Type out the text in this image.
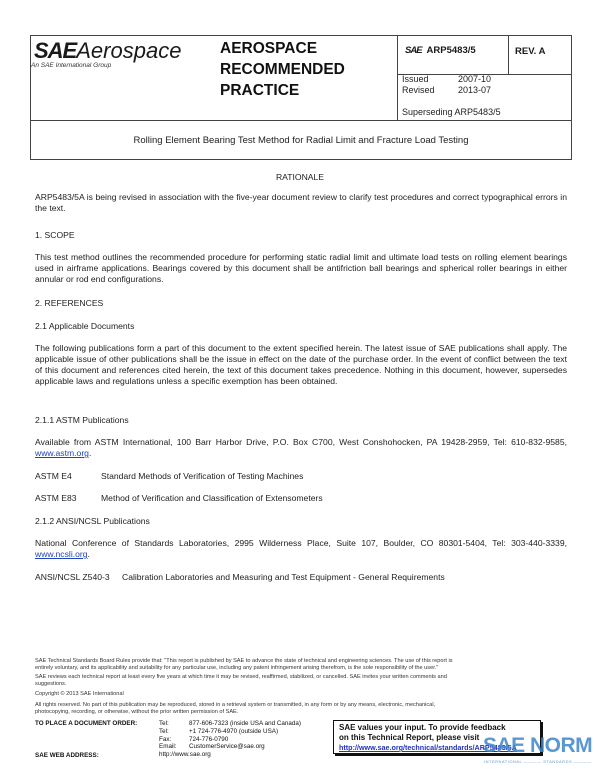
SAEAerospace
An SAE International Group
AEROSPACE
RECOMMENDED
PRACTICE
SAE ARP5483/5	REV. A
Issued	2007-10
Revised	2013-07
Superseding ARP5483/5
Rolling Element Bearing Test Method for Radial Limit and Fracture Load Testing
RATIONALE
ARP5483/5A is being revised in association with the five-year document review to clarify test procedures and correct typographical errors in the text.
1. SCOPE
This test method outlines the recommended procedure for performing static radial limit and ultimate load tests on rolling element bearings used in airframe applications. Bearings covered by this document shall be antifriction ball bearings and spherical roller bearings in either annular or rod end configurations.
2. REFERENCES
2.1 Applicable Documents
The following publications form a part of this document to the extent specified herein. The latest issue of SAE publications shall apply. The applicable issue of other publications shall be the issue in effect on the date of the purchase order. In the event of conflict between the text of this document and references cited herein, the text of this document takes precedence. Nothing in this document, however, supersedes applicable laws and regulations unless a specific exemption has been obtained.
2.1.1 ASTM Publications
Available from ASTM International, 100 Barr Harbor Drive, P.O. Box C700, West Conshohocken, PA 19428-2959, Tel: 610-832-9585, www.astm.org.
ASTM E4	Standard Methods of Verification of Testing Machines
ASTM E83	Method of Verification and Classification of Extensometers
2.1.2 ANSI/NCSL Publications
National Conference of Standards Laboratories, 2995 Wilderness Place, Suite 107, Boulder, CO 80301-5404, Tel: 303-440-3339, www.ncsli.org.
ANSI/NCSL Z540-3 Calibration Laboratories and Measuring and Test Equipment - General Requirements
SAE Technical Standards Board Rules provide that: "This report is published by SAE to advance the state of technical and engineering sciences. The use of this report is
entirely voluntary, and its applicability and suitability for any particular use, including any patent infringement arising therefrom, is the sole responsibility of the user."
SAE reviews each technical report at least every five years at which time it may be revised, reaffirmed, stabilized, or cancelled. SAE invites your written comments and
suggestions.
Copyright © 2013 SAE International
All rights reserved. No part of this publication may be reproduced, stored in a retrieval system or transmitted, in any form or by any means, electronic, mechanical,
photocopying, recording, or otherwise, without the prior written permission of SAE.
TO PLACE A DOCUMENT ORDER:
SAE WEB ADDRESS:
Tel:	877-606-7323 (inside USA and Canada)
Tel:	+1 724-776-4970 (outside USA)
Fax:	724-776-0790
Email: CustomerService@sae.org
http://www.sae.org
SAE values your input. To provide feedback
on this Technical Report, please visit
http://www.sae.org/technical/standards/ARP5483/5A
SAE NORM
INTERNATIONAL ———— STANDARDS ————
